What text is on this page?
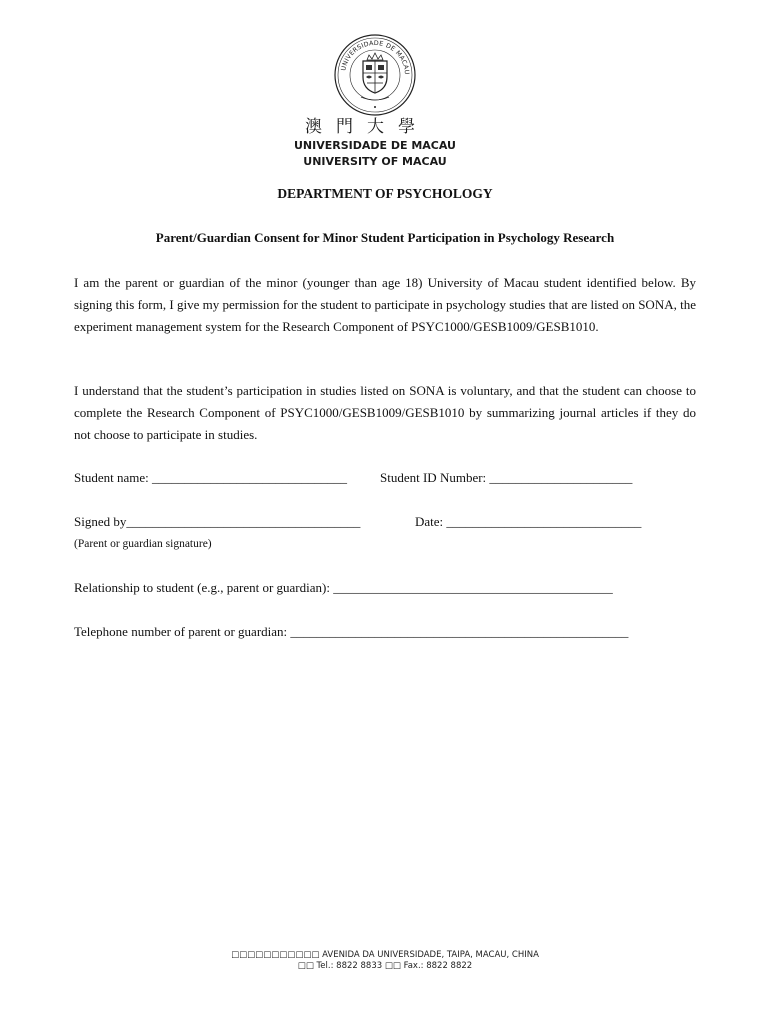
UNIVERSIDADE DE MACAU
澳門大學
UNIVERSIDADE DE MACAU
UNIVERSITY OF MACAU
DEPARTMENT OF PSYCHOLOGY
Parent/Guardian Consent for Minor Student Participation in Psychology Research

I am the parent or guardian of the minor (younger than age 18) University of Macau student identified below. By signing this form, I give my permission for the student to participate in psychology studies that are listed on SONA, the experiment management system for the Research Component of PSYC1000/GESB1009/GESB1010.

I understand that the student’s participation in studies listed on SONA is voluntary, and that the student can choose to complete the Research Component of PSYC1000/GESB1009/GESB1010 by summarizing journal articles if they do not choose to participate in studies.

Student name: ______________________________	Student ID Number: ______________________

Signed by____________________________________	Date: ______________________________

(Parent or guardian signature)

Relationship to student (e.g., parent or guardian): ___________________________________________

Telephone number of parent or guardian: ____________________________________________________

□□□□□□□□□□□ AVENIDA DA UNIVERSIDADE, TAIPA, MACAU, CHINA
□□ Tel.: 8822 8833 □□ Fax.: 8822 8822
